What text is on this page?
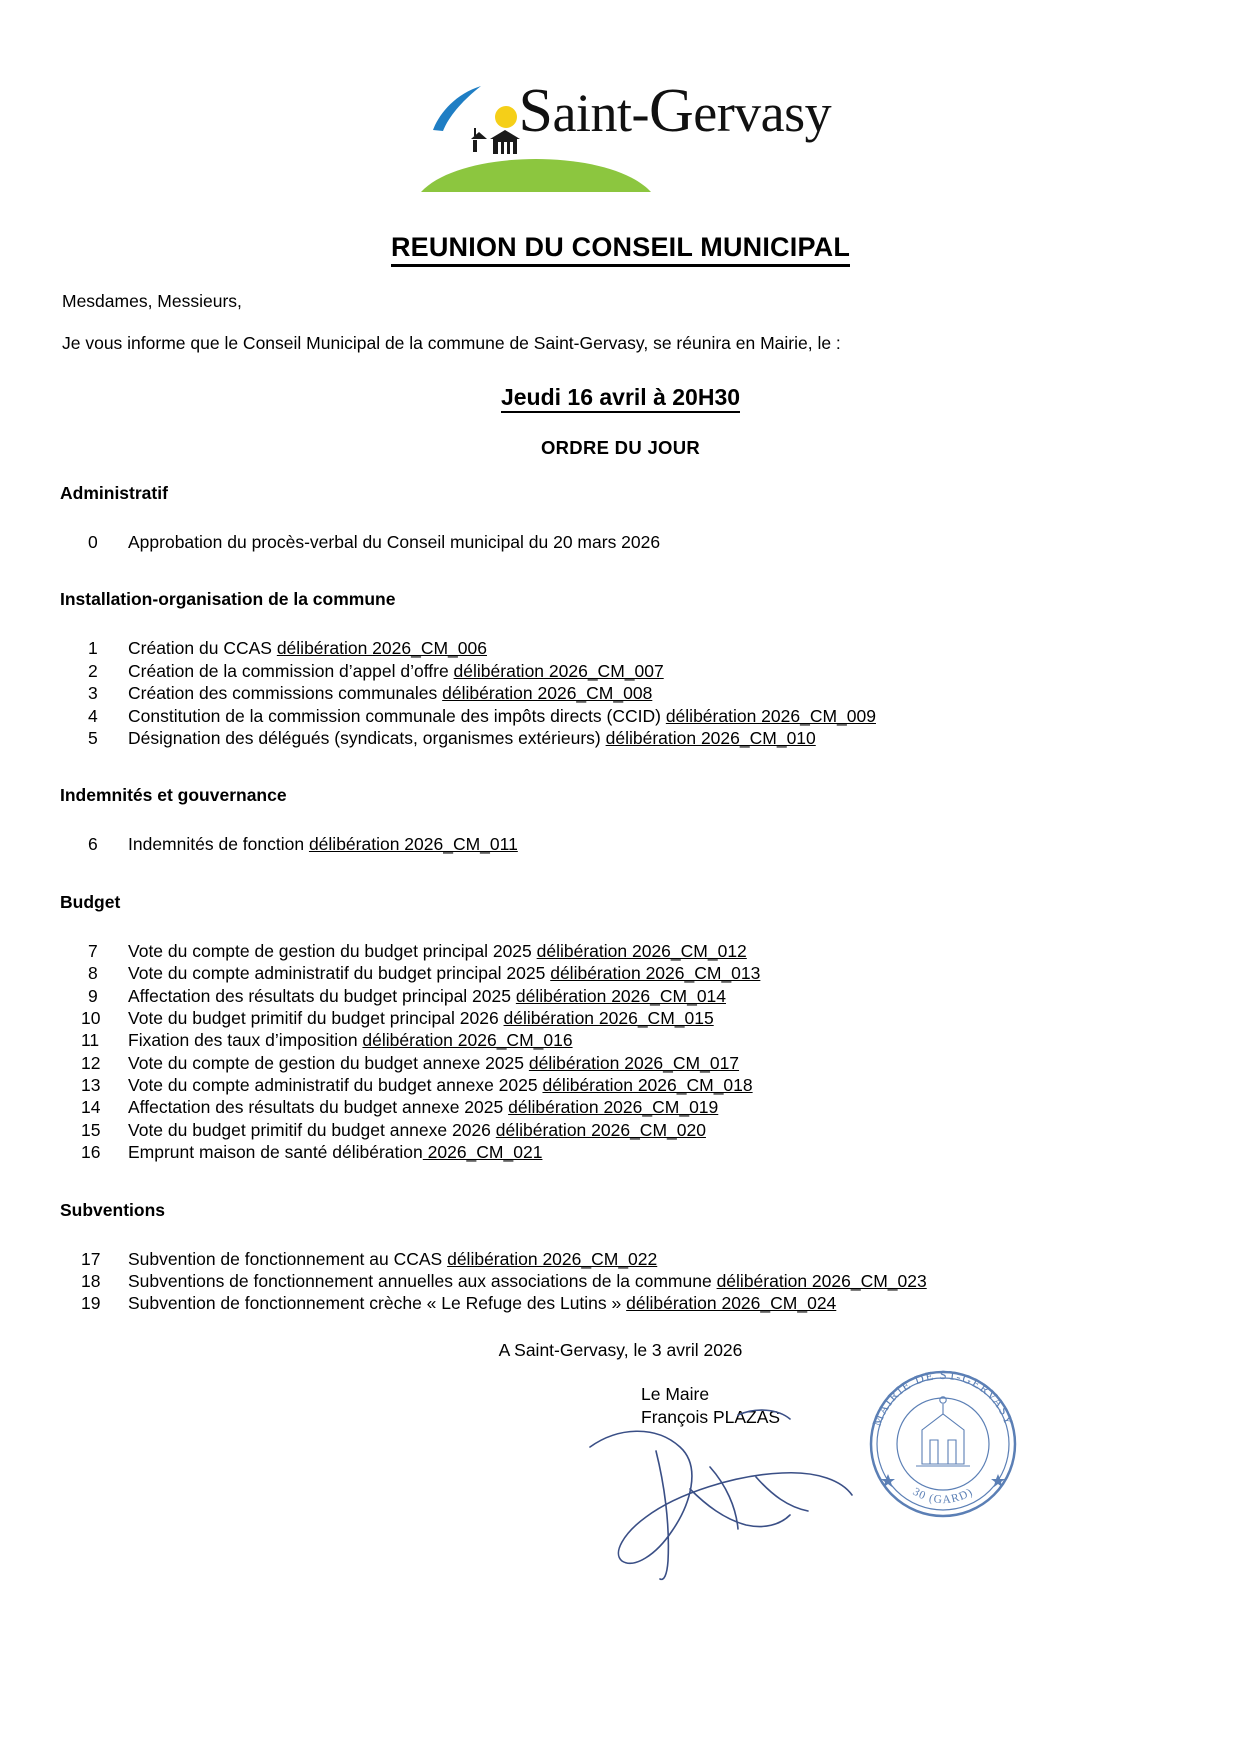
Saint-Gervasy
REUNION DU CONSEIL MUNICIPAL
Mesdames, Messieurs,
Je vous informe que le Conseil Municipal de la commune de Saint-Gervasy, se réunira en Mairie, le :
Jeudi 16 avril à 20H30
ORDRE DU JOUR
Administratif
0	Approbation du procès-verbal du Conseil municipal du 20 mars 2026
Installation-organisation de la commune
1	Création du CCAS délibération 2026_CM_006
2	Création de la commission d’appel d’offre délibération 2026_CM_007
3	Création des commissions communales délibération 2026_CM_008
4	Constitution de la commission communale des impôts directs (CCID) délibération 2026_CM_009
5	Désignation des délégués (syndicats, organismes extérieurs) délibération 2026_CM_010
Indemnités et gouvernance
6	Indemnités de fonction délibération 2026_CM_011
Budget
7	Vote du compte de gestion du budget principal 2025 délibération 2026_CM_012
8	Vote du compte administratif du budget principal 2025 délibération 2026_CM_013
9	Affectation des résultats du budget principal 2025 délibération 2026_CM_014
10	Vote du budget primitif du budget principal 2026 délibération 2026_CM_015
11	Fixation des taux d’imposition délibération 2026_CM_016
12	Vote du compte de gestion du budget annexe 2025 délibération 2026_CM_017
13	Vote du compte administratif du budget annexe 2025 délibération 2026_CM_018
14	Affectation des résultats du budget annexe 2025 délibération 2026_CM_019
15	Vote du budget primitif du budget annexe 2026 délibération 2026_CM_020
16	Emprunt maison de santé délibération 2026_CM_021
Subventions
17	Subvention de fonctionnement au CCAS délibération 2026_CM_022
18	Subventions de fonctionnement annuelles aux associations de la commune délibération 2026_CM_023
19	Subvention de fonctionnement crèche « Le Refuge des Lutins » délibération 2026_CM_024
A Saint-Gervasy, le 3 avril 2026
Le Maire
François PLAZAS	MAIRIE DE ST-GERVASY
30 (GARD)
